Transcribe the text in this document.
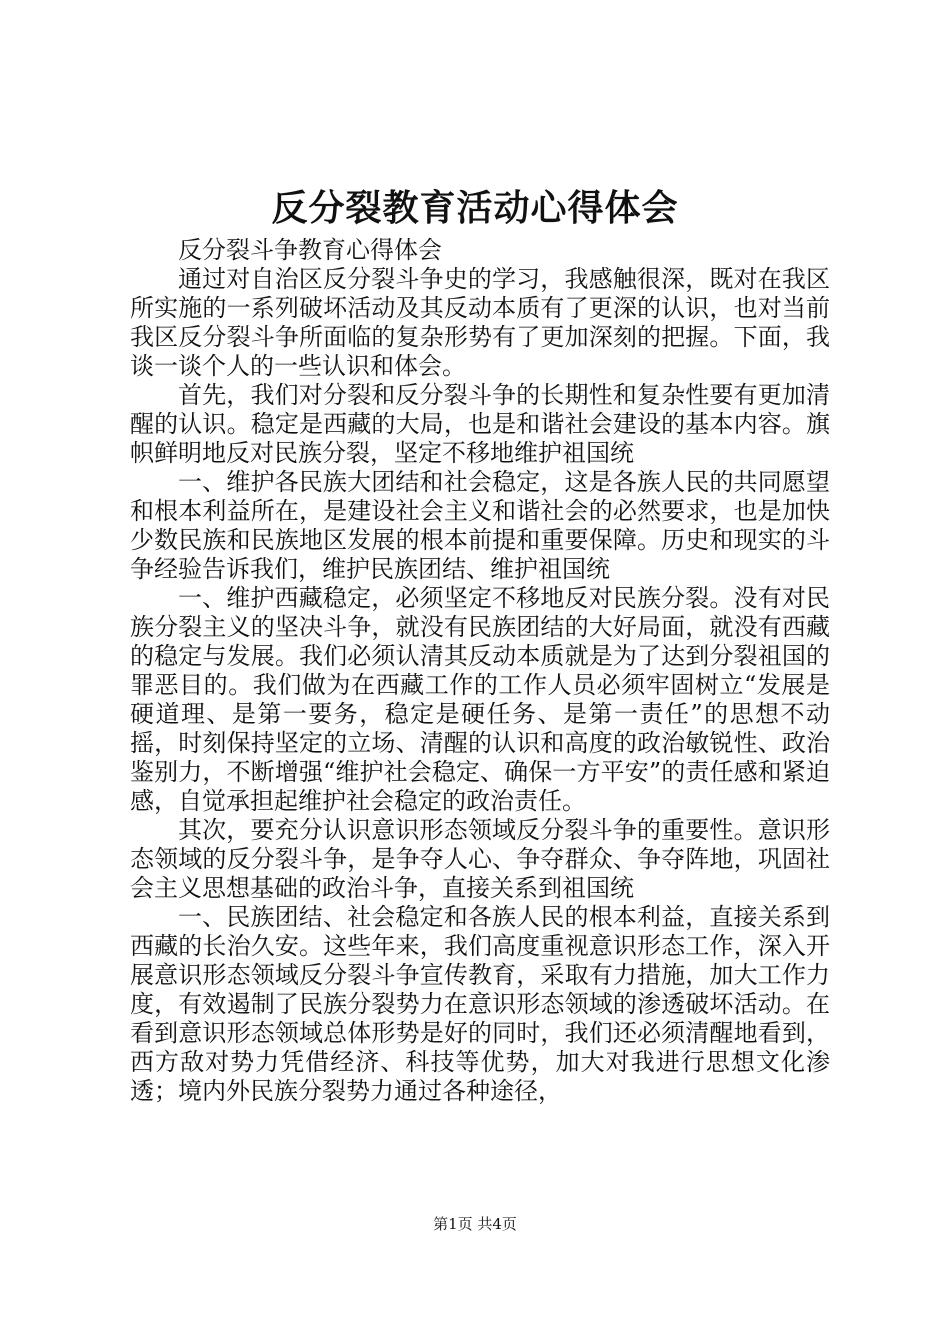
反分裂教育活动心得体会

反分裂斗争教育心得体会

通过对自治区反分裂斗争史的学习，我感触很深，既对在我区所实施的一系列破坏活动及其反动本质有了更深的认识，也对当前我区反分裂斗争所面临的复杂形势有了更加深刻的把握。下面，我谈一谈个人的一些认识和体会。

首先，我们对分裂和反分裂斗争的长期性和复杂性要有更加清醒的认识。稳定是西藏的大局，也是和谐社会建设的基本内容。旗帜鲜明地反对民族分裂，坚定不移地维护祖国统

一、维护各民族大团结和社会稳定，这是各族人民的共同愿望和根本利益所在，是建设社会主义和谐社会的必然要求，也是加快少数民族和民族地区发展的根本前提和重要保障。历史和现实的斗争经验告诉我们，维护民族团结、维护祖国统

一、维护西藏稳定，必须坚定不移地反对民族分裂。没有对民族分裂主义的坚决斗争，就没有民族团结的大好局面，就没有西藏的稳定与发展。我们必须认清其反动本质就是为了达到分裂祖国的罪恶目的。我们做为在西藏工作的工作人员必须牢固树立“发展是硬道理、是第一要务，稳定是硬任务、是第一责任”的思想不动摇，时刻保持坚定的立场、清醒的认识和高度的政治敏锐性、政治鉴别力，不断增强“维护社会稳定、确保一方平安”的责任感和紧迫感，自觉承担起维护社会稳定的政治责任。

其次，要充分认识意识形态领域反分裂斗争的重要性。意识形态领域的反分裂斗争，是争夺人心、争夺群众、争夺阵地，巩固社会主义思想基础的政治斗争，直接关系到祖国统

一、民族团结、社会稳定和各族人民的根本利益，直接关系到西藏的长治久安。这些年来，我们高度重视意识形态工作，深入开展意识形态领域反分裂斗争宣传教育，采取有力措施，加大工作力度，有效遏制了民族分裂势力在意识形态领域的渗透破坏活动。在看到意识形态领域总体形势是好的同时，我们还必须清醒地看到，西方敌对势力凭借经济、科技等优势，加大对我进行思想文化渗透；境内外民族分裂势力通过各种途径，

第1页 共4页
